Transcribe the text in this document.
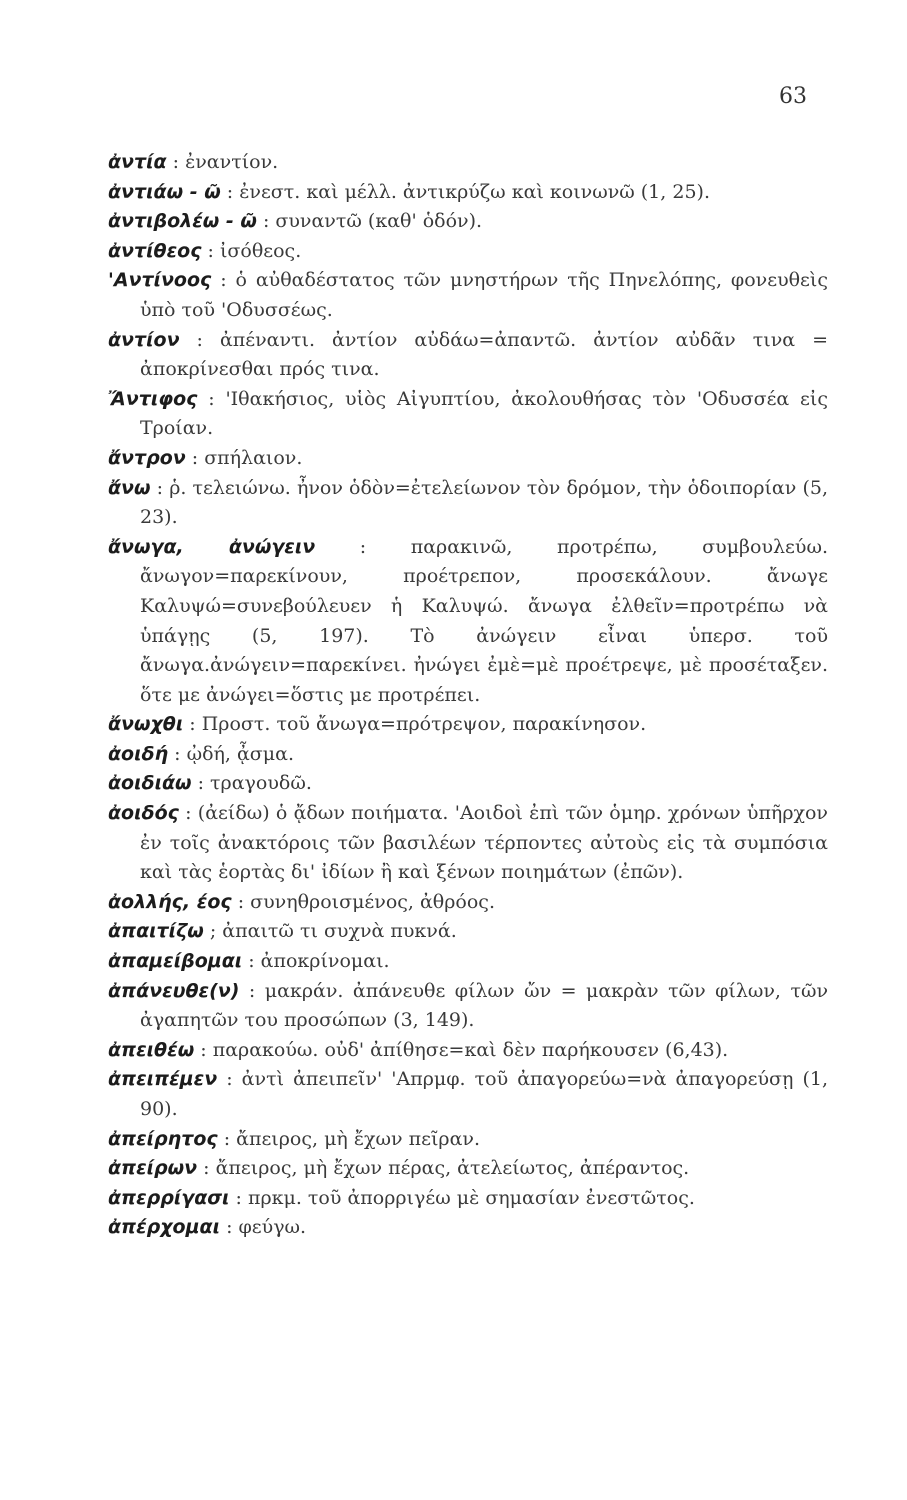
63

ἀντία : ἐναντίον.

ἀντιάω - ῶ : ἐνεστ. καὶ μέλλ. ἀντικρύζω καὶ κοινωνῶ (1, 25).

ἀντιβολέω - ῶ : συναντῶ (καθ' ὁδόν).

ἀντίθεος : ἰσόθεος.

'Αντίνοος : ὁ αὐθαδέστατος τῶν μνηστήρων τῆς Πηνελόπης, φονευθεὶς ὑπὸ τοῦ 'Οδυσσέως.

ἀντίον : ἀπέναντι. ἀντίον αὐδάω=ἀπαντῶ. ἀντίον αὐδᾶν τινα = ἀποκρίνεσθαι πρός τινα.

Ἄντιφος : 'Ιθακήσιος, υἱὸς Αἰγυπτίου, ἀκολουθήσας τὸν 'Οδυσσέα εἰς Τροίαν.

ἄντρον : σπήλαιον.

ἄνω : ῥ. τελειώνω. ἦνον ὁδὸν=ἐτελείωνον τὸν δρόμον, τὴν ὁδοιπορίαν (5, 23).

ἄνωγα, ἀνώγειν : παρακινῶ, προτρέπω, συμβουλεύω. ἄνωγον=παρεκίνουν, προέτρεπον, προσεκάλουν. ἄνωγε Καλυψώ=συνεβούλευεν ἡ Καλυψώ. ἄνωγα ἐλθεῖν=προτρέπω νὰ ὑπάγῃς (5, 197). Τὸ ἀνώγειν εἶναι ὑπερσ. τοῦ ἄνωγα.ἀνώγειν=παρεκίνει. ἠνώγει ἐμὲ=μὲ προέτρεψε, μὲ προσέταξεν. ὅτε με ἀνώγει=ὅστις με προτρέπει.

ἄνωχθι : Προστ. τοῦ ἄνωγα=πρότρεψον, παρακίνησον.

ἀοιδή : ᾠδή, ᾆσμα.

ἀοιδιάω : τραγουδῶ.

ἀοιδός : (ἀείδω) ὁ ᾄδων ποιήματα. 'Αοιδοὶ ἐπὶ τῶν ὁμηρ. χρόνων ὑπῆρχον ἐν τοῖς ἀνακτόροις τῶν βασιλέων τέρποντες αὐτοὺς εἰς τὰ συμπόσια καὶ τὰς ἑορτὰς δι' ἰδίων ἢ καὶ ξένων ποιημάτων (ἐπῶν).

ἀολλής, έος : συνηθροισμένος, ἀθρόος.

ἀπαιτίζω ; ἀπαιτῶ τι συχνὰ πυκνά.

ἀπαμείβομαι : ἀποκρίνομαι.

ἀπάνευθε(ν) : μακράν. ἀπάνευθε φίλων ὤν = μακρὰν τῶν φίλων, τῶν ἀγαπητῶν του προσώπων (3, 149).

ἀπειθέω : παρακούω. οὐδ' ἀπίθησε=καὶ δὲν παρήκουσεν (6,43).

ἀπειπέμεν : ἀντὶ ἀπειπεῖν' 'Απρμφ. τοῦ ἀπαγορεύω=νὰ ἀπαγορεύσῃ (1, 90).

ἀπείρητος : ἄπειρος, μὴ ἔχων πεῖραν.

ἀπείρων : ἄπειρος, μὴ ἔχων πέρας, ἀτελείωτος, ἀπέραντος.

ἀπερρίγασι : πρκμ. τοῦ ἀπορριγέω μὲ σημασίαν ἐνεστῶτος.

ἀπέρχομαι : φεύγω.
